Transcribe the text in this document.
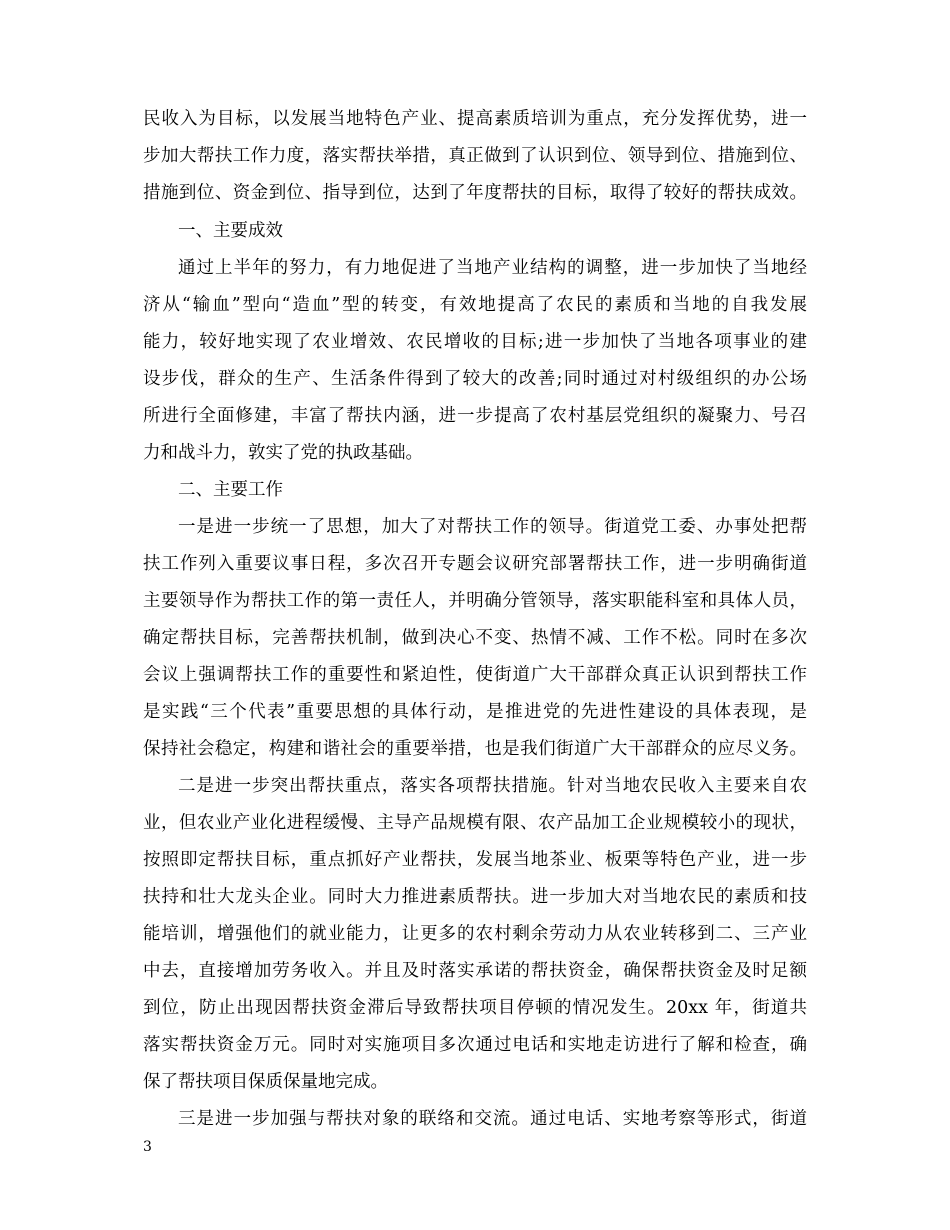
民收入为目标，以发展当地特色产业、提高素质培训为重点，充分发挥优势，进一
步加大帮扶工作力度，落实帮扶举措，真正做到了认识到位、领导到位、措施到位、
措施到位、资金到位、指导到位，达到了年度帮扶的目标，取得了较好的帮扶成效。
一、主要成效
通过上半年的努力，有力地促进了当地产业结构的调整，进一步加快了当地经
济从“输血”型向“造血”型的转变，有效地提高了农民的素质和当地的自我发展
能力，较好地实现了农业增效、农民增收的目标;进一步加快了当地各项事业的建
设步伐，群众的生产、生活条件得到了较大的改善;同时通过对村级组织的办公场
所进行全面修建，丰富了帮扶内涵，进一步提高了农村基层党组织的凝聚力、号召
力和战斗力，敦实了党的执政基础。
二、主要工作
一是进一步统一了思想，加大了对帮扶工作的领导。街道党工委、办事处把帮
扶工作列入重要议事日程，多次召开专题会议研究部署帮扶工作，进一步明确街道
主要领导作为帮扶工作的第一责任人，并明确分管领导，落实职能科室和具体人员，
确定帮扶目标，完善帮扶机制，做到决心不变、热情不减、工作不松。同时在多次
会议上强调帮扶工作的重要性和紧迫性，使街道广大干部群众真正认识到帮扶工作
是实践“三个代表”重要思想的具体行动，是推进党的先进性建设的具体表现，是
保持社会稳定，构建和谐社会的重要举措，也是我们街道广大干部群众的应尽义务。
二是进一步突出帮扶重点，落实各项帮扶措施。针对当地农民收入主要来自农
业，但农业产业化进程缓慢、主导产品规模有限、农产品加工企业规模较小的现状，
按照即定帮扶目标，重点抓好产业帮扶，发展当地茶业、板栗等特色产业，进一步
扶持和壮大龙头企业。同时大力推进素质帮扶。进一步加大对当地农民的素质和技
能培训，增强他们的就业能力，让更多的农村剩余劳动力从农业转移到二、三产业
中去，直接增加劳务收入。并且及时落实承诺的帮扶资金，确保帮扶资金及时足额
到位，防止出现因帮扶资金滞后导致帮扶项目停顿的情况发生。20xx 年，街道共
落实帮扶资金万元。同时对实施项目多次通过电话和实地走访进行了解和检查，确
保了帮扶项目保质保量地完成。
三是进一步加强与帮扶对象的联络和交流。通过电话、实地考察等形式，街道
3
